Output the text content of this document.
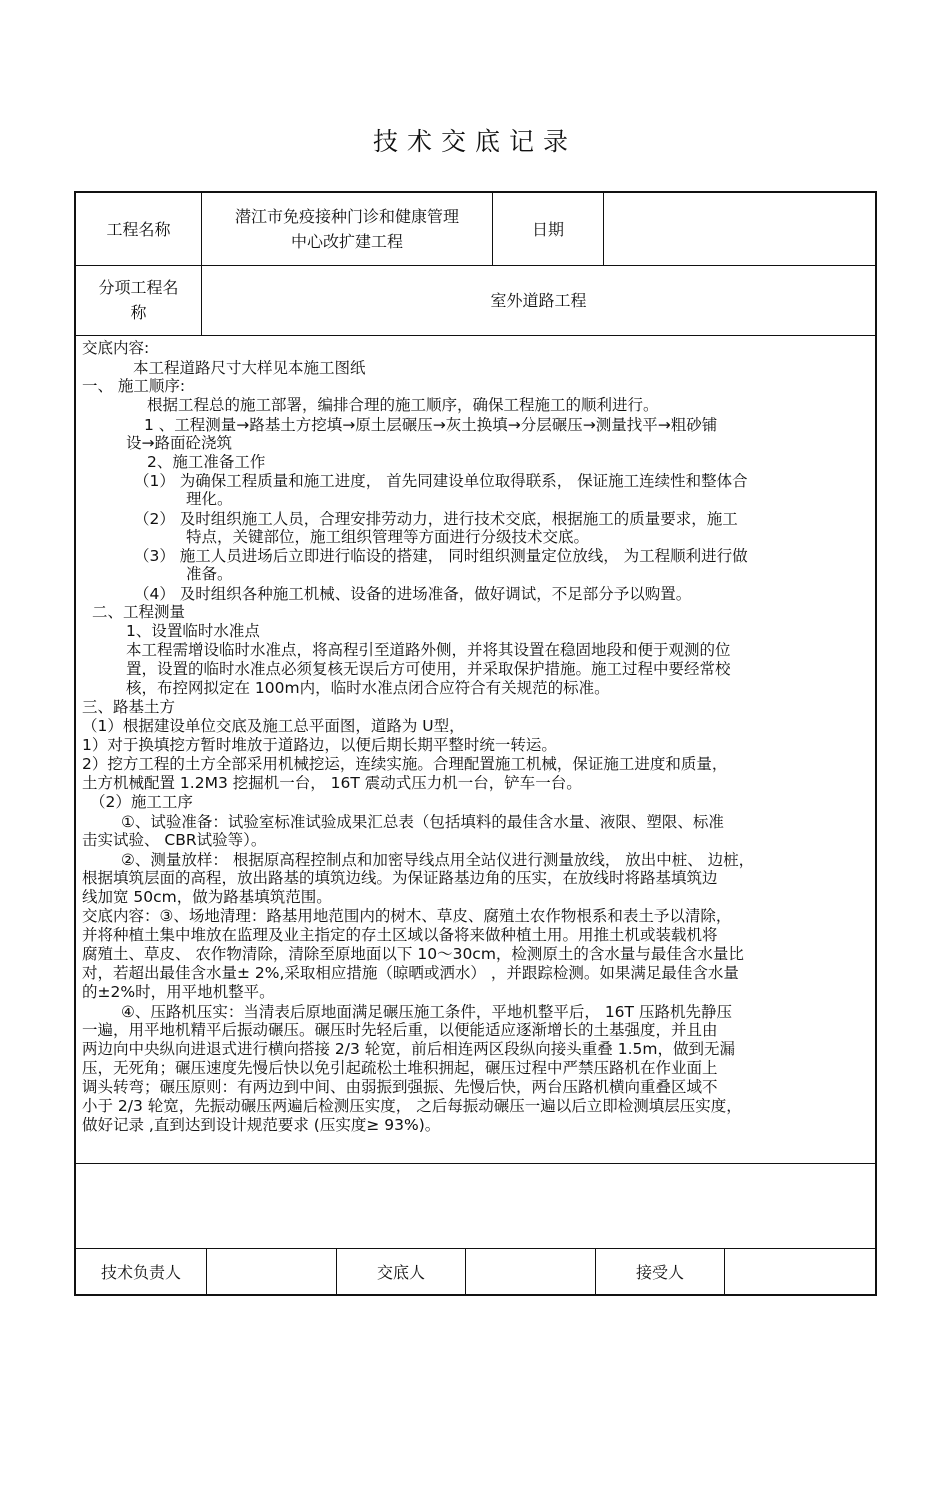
技术交底记录
工程名称
潜江市免疫接种门诊和健康管理
中心改扩建工程
日期
分项工程名
称
室外道路工程

交底内容:

本工程道路尺寸大样见本施工图纸

一、 施工顺序:

根据工程总的施工部署，编排合理的施工顺序，确保工程施工的顺利进行。

1 、工程测量→路基土方挖填→原土层碾压→灰土换填→分层碾压→测量找平→粗砂铺

设→路面砼浇筑

2、施工准备工作

（1） 为确保工程质量和施工进度， 首先同建设单位取得联系， 保证施工连续性和整体合

理化。

（2） 及时组织施工人员，合理安排劳动力，进行技术交底，根据施工的质量要求，施工

特点，关键部位，施工组织管理等方面进行分级技术交底。

（3） 施工人员进场后立即进行临设的搭建， 同时组织测量定位放线， 为工程顺利进行做

准备。

（4） 及时组织各种施工机械、设备的进场准备，做好调试，不足部分予以购置。

二、工程测量

1、设置临时水准点

本工程需增设临时水准点，将高程引至道路外侧，并将其设置在稳固地段和便于观测的位

置，设置的临时水准点必须复核无误后方可使用，并采取保护措施。施工过程中要经常校

核，布控网拟定在 100m内，临时水准点闭合应符合有关规范的标准。

三、路基土方

（1）根据建设单位交底及施工总平面图，道路为 U型，

1）对于换填挖方暂时堆放于道路边，以便后期长期平整时统一转运。

2）挖方工程的土方全部采用机械挖运，连续实施。合理配置施工机械，保证施工进度和质量，

土方机械配置 1.2M3 挖掘机一台， 16T 震动式压力机一台，铲车一台。

（2）施工工序

①、试验准备：试验室标准试验成果汇总表（包括填料的最佳含水量、液限、塑限、标准

击实试验、 CBR试验等）。

②、测量放样： 根据原高程控制点和加密导线点用全站仪进行测量放线， 放出中桩、 边桩，

根据填筑层面的高程，放出路基的填筑边线。为保证路基边角的压实，在放线时将路基填筑边

线加宽 50cm，做为路基填筑范围。

交底内容：③、场地清理：路基用地范围内的树木、草皮、腐殖土农作物根系和表土予以清除，

并将种植土集中堆放在监理及业主指定的存土区域以备将来做种植土用。用推土机或装载机将

腐殖土、草皮、 农作物清除，清除至原地面以下 10～30cm，检测原土的含水量与最佳含水量比

对，若超出最佳含水量± 2%,采取相应措施（晾晒或洒水） ，并跟踪检测。如果满足最佳含水量

的±2%时，用平地机整平。

④、压路机压实：当清表后原地面满足碾压施工条件，平地机整平后， 16T 压路机先静压

一遍，用平地机精平后振动碾压。碾压时先轻后重，以便能适应逐渐增长的土基强度，并且由

两边向中央纵向进退式进行横向搭接 2/3 轮宽，前后相连两区段纵向接头重叠 1.5m，做到无漏

压，无死角；碾压速度先慢后快以免引起疏松土堆积拥起，碾压过程中严禁压路机在作业面上

调头转弯；碾压原则：有两边到中间、由弱振到强振、先慢后快，两台压路机横向重叠区域不

小于 2/3 轮宽，先振动碾压两遍后检测压实度， 之后每振动碾压一遍以后立即检测填层压实度，

做好记录 ,直到达到设计规范要求 (压实度≥ 93%)。

技术负责人	交底人	接受人
